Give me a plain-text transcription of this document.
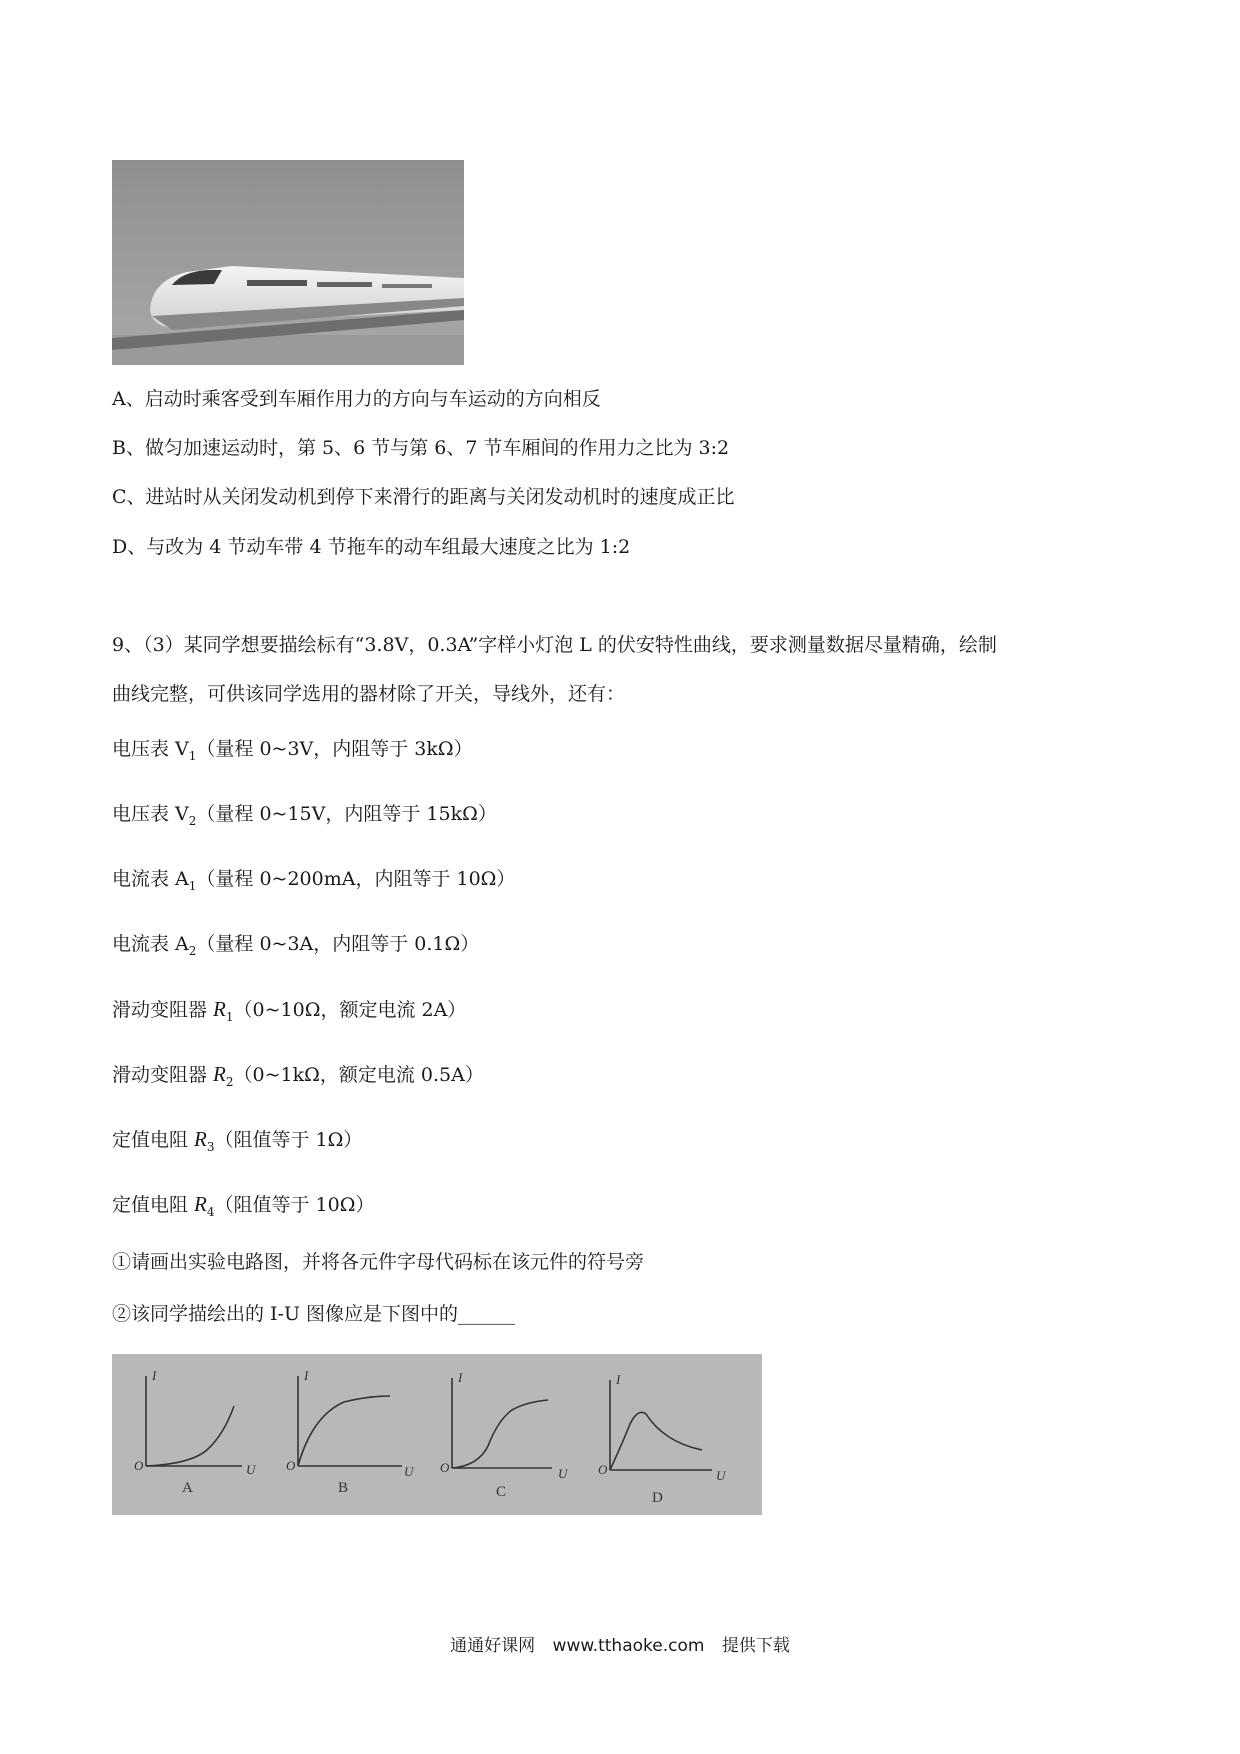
A、启动时乘客受到车厢作用力的方向与车运动的方向相反
B、做匀加速运动时，第 5、6 节与第 6、7 节车厢间的作用力之比为 3:2
C、进站时从关闭发动机到停下来滑行的距离与关闭发动机时的速度成正比
D、与改为 4 节动车带 4 节拖车的动车组最大速度之比为 1:2
9、（3）某同学想要描绘标有“3.8V，0.3A”字样小灯泡 L 的伏安特性曲线，要求测量数据尽量精确，绘制
曲线完整，可供该同学选用的器材除了开关，导线外，还有：
电压表 $V_1$（量程 0~3V，内阻等于 3kΩ）
电压表 $V_2$（量程 0~15V，内阻等于 15kΩ）
电流表 $A_1$（量程 0~200mA，内阻等于 10Ω）
电流表 $A_2$（量程 0~3A，内阻等于 0.1Ω）
滑动变阻器 $R_1(0\sim 10\Omega$，额定电流 2A）
滑动变阻器 $R_2(0\sim 1k\Omega$，额定电流 0.5A）
定值电阻 $R_3$（阻值等于 1Ω）
定值电阻 $R_4$（阻值等于 10Ω）
①请画出实验电路图，并将各元件字母代码标在该元件的符号旁
②该同学描绘出的 I-U 图像应是下图中的______
I
O	U
I
O	U
I
O	U
I
O	U
A	B	C	D
通通好课网 www.tthaoke.com 提供下载
